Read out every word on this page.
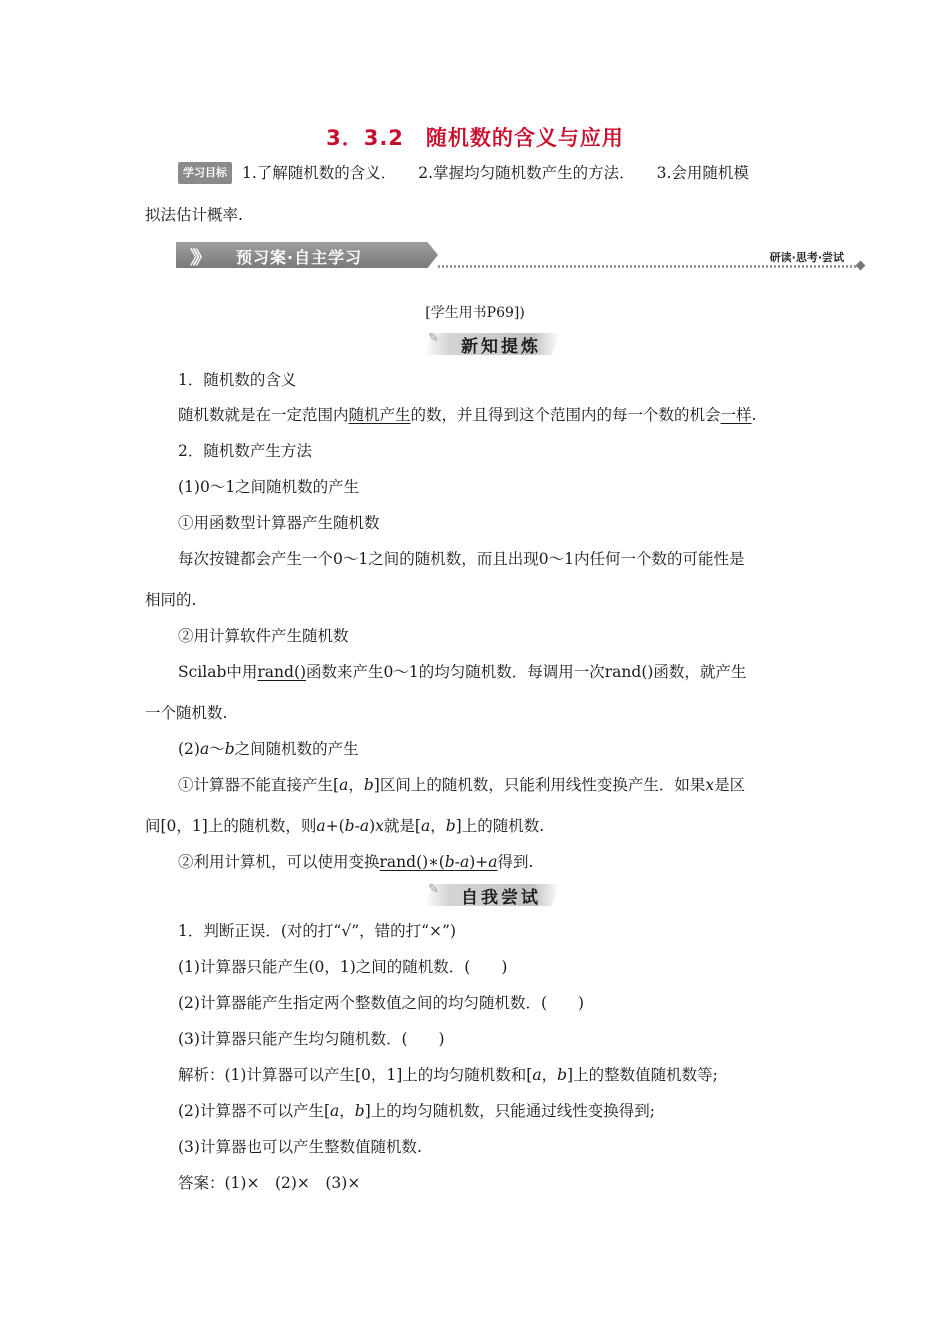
3．3.2　随机数的含义与应用
学习目标 1.了解随机数的含义． 2.掌握均匀随机数产生的方法． 3.会用随机模
拟法估计概率.
》》 预习案·自主学习	研读·思考·尝试
[学生用书P69])
✎	新知提炼
1．随机数的含义
随机数就是在一定范围内随机产生的数，并且得到这个范围内的每一个数的机会一样.
2．随机数产生方法
(1)0～1之间随机数的产生
①用函数型计算器产生随机数
每次按键都会产生一个0～1之间的随机数，而且出现0～1内任何一个数的可能性是
相同的.
②用计算软件产生随机数
Scilab中用rand()函数来产生0～1的均匀随机数．每调用一次rand()函数，就产生
一个随机数.
(2)a～b之间随机数的产生
①计算器不能直接产生[a，b]区间上的随机数，只能利用线性变换产生．如果x是区
间[0，1]上的随机数，则a+(b-a)x就是[a，b]上的随机数.
②利用计算机，可以使用变换rand()∗(b-a)+a得到.
✎	自我尝试
1．判断正误．(对的打“√”，错的打“×”)
(1)计算器只能产生(0，1)之间的随机数．(　　)
(2)计算器能产生指定两个整数值之间的均匀随机数．(　　)
(3)计算器只能产生均匀随机数．(　　)
解析：(1)计算器可以产生[0，1]上的均匀随机数和[a，b]上的整数值随机数等;
(2)计算器不可以产生[a，b]上的均匀随机数，只能通过线性变换得到;
(3)计算器也可以产生整数值随机数.
答案：(1)×　(2)×　(3)×
